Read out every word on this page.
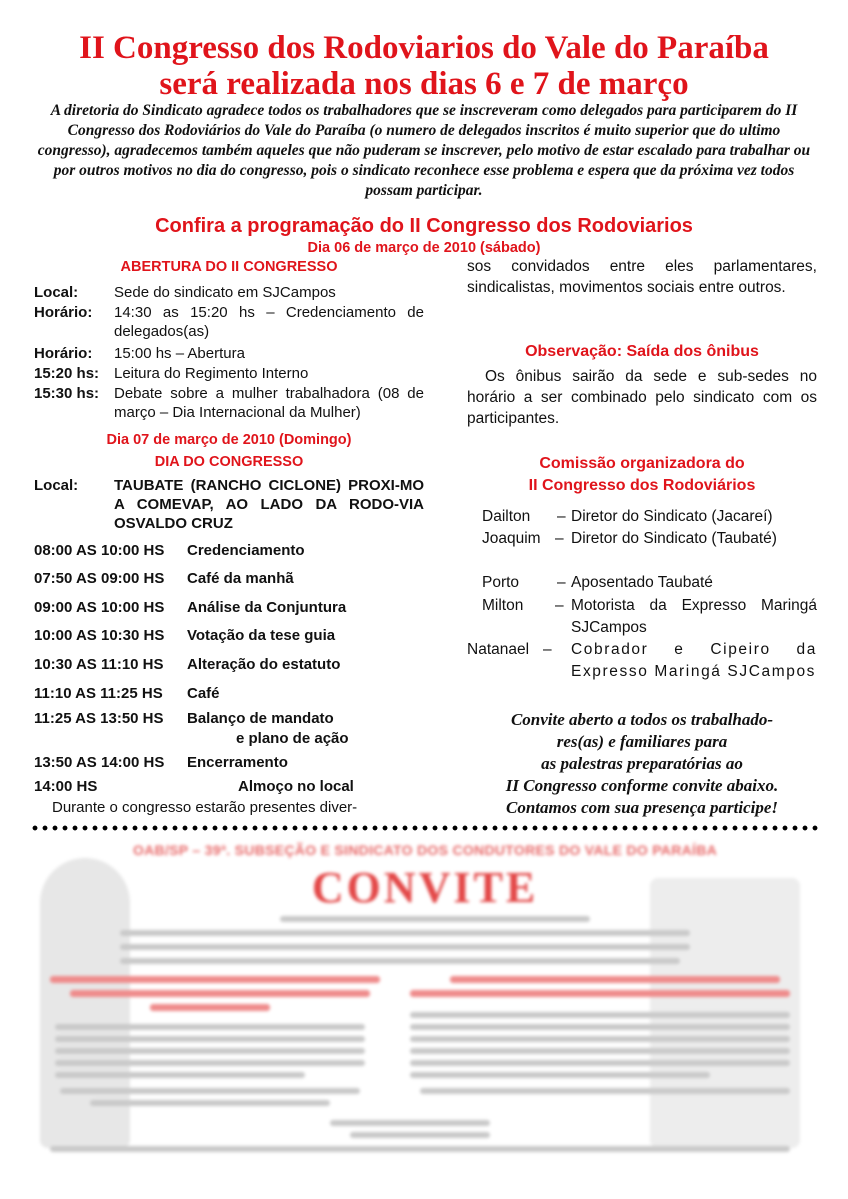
II Congresso dos Rodoviarios do Vale do Paraíba
será realizada nos dias 6 e 7 de março
A diretoria do Sindicato agradece todos os trabalhadores que se inscreveram como delegados para participarem do II Congresso dos Rodoviários do Vale do Paraíba (o numero de delegados inscritos é muito superior que do ultimo congresso), agradecemos também aqueles que não puderam se inscrever, pelo motivo de estar escalado para trabalhar ou por outros motivos no dia do congresso, pois o sindicato reconhece esse problema e espera que da próxima vez todos possam participar.
Confira a programação do II Congresso dos Rodoviarios
Dia 06 de março de 2010 (sábado)
ABERTURA DO II CONGRESSO
Local: Sede do sindicato em SJCampos
Horário: 14:30 as 15:20 hs – Credenciamento de delegados(as)
Horário: 15:00 hs – Abertura
15:20 hs: Leitura do Regimento Interno
15:30 hs: Debate sobre a mulher trabalhadora (08 de março – Dia Internacional da Mulher)
Dia 07 de março de 2010 (Domingo)
DIA DO CONGRESSO
Local: TAUBATE (RANCHO CICLONE) PROXI-MO A COMEVAP, AO LADO DA RODO-VIA OSVALDO CRUZ
08:00 AS 10:00 HS Credenciamento
07:50 AS 09:00 HS Café da manhã
09:00 AS 10:00 HS Análise da Conjuntura
10:00 AS 10:30 HS Votação da tese guia
10:30 AS 11:10 HS Alteração do estatuto
11:10 AS 11:25 HS Café
11:25 AS 13:50 HS Balanço de mandato
e plano de ação
13:50 AS 14:00 HS Encerramento
14:00 HS	Almoço no local
Durante o congresso estarão presentes diver-
sos convidados entre eles parlamentares, sindicalistas, movimentos sociais entre outros.
Observação: Saída dos ônibus
Os ônibus sairão da sede e sub-sedes no horário a ser combinado pelo sindicato com os participantes.
Comissão organizadora do
II Congresso dos Rodoviários
Dailton – Diretor do Sindicato (Jacareí)
Joaquim – Diretor do Sindicato (Taubaté)
Porto – Aposentado Taubaté
Milton – Motorista da Expresso Maringá SJCampos
Natanael – Cobrador e Cipeiro da Expresso Maringá SJCampos
Convite aberto a todos os trabalhado-
res(as) e familiares para
as palestras preparatórias ao
II Congresso conforme convite abaixo.
Contamos com sua presença participe!
OAB/SP – 39ª. SUBSEÇÃO E SINDICATO DOS CONDUTORES DO VALE DO PARAÍBA
CONVITE
